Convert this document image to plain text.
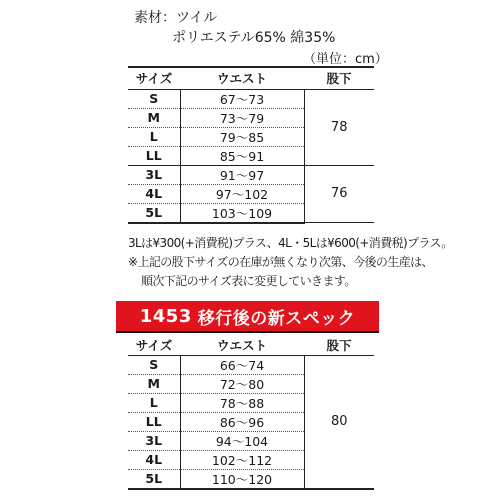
素材：ツイル
ポリエステル65% 綿35%
（単位：cm）
サイズ	ウエスト	股下
S	67〜73	78
M	73〜79	
L	79〜85	
LL	85〜91	
3L	91〜97	76
4L	97〜102	
5L	103〜109	
3Lは¥300(+消費税)プラス、4L・5Lは¥600(+消費税)プラス。
※上記の股下サイズの在庫が無くなり次第、今後の生産は、
順次下記のサイズ表に変更していきます。
1453 移行後の新スペック
サイズ	ウエスト	股下
S	66〜74	80
M	72〜80	
L	78〜88	
LL	86〜96	
3L	94〜104	
4L	102〜112	
5L	110〜120	
